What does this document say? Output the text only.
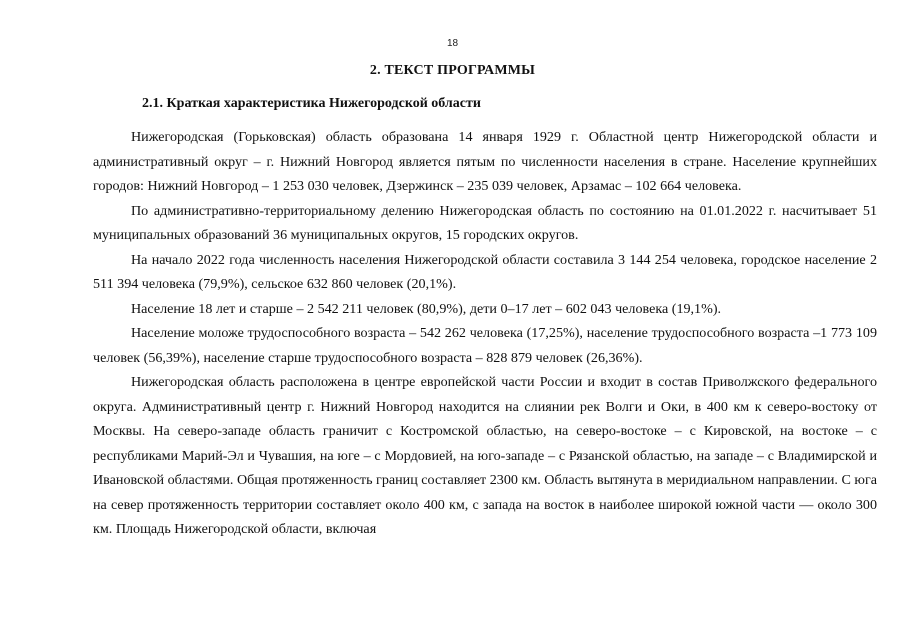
18
2. ТЕКСТ ПРОГРАММЫ
2.1. Краткая характеристика Нижегородской области

Нижегородская (Горьковская) область образована 14 января 1929 г. Областной центр Нижегородской области и административный округ – г. Нижний Новгород является пятым по численности населения в стране. Население крупнейших городов: Нижний Новгород – 1 253 030 человек, Дзержинск – 235 039 человек, Арзамас – 102 664 человека.

По административно-территориальному делению Нижегородская область по состоянию на 01.01.2022 г. насчитывает 51 муниципальных образований 36 муниципальных округов, 15 городских округов.

На начало 2022 года численность населения Нижегородской области составила 3 144 254 человека, городское население 2 511 394 человека (79,9%), сельское 632 860 человек (20,1%).

Население 18 лет и старше – 2 542 211 человек (80,9%), дети 0–17 лет – 602 043 человека (19,1%).

Население моложе трудоспособного возраста – 542 262 человека (17,25%), население трудоспособного возраста –1 773 109 человек (56,39%), население старше трудоспособного возраста – 828 879 человек (26,36%).

Нижегородская область расположена в центре европейской части России и входит в состав Приволжского федерального округа. Административный центр г. Нижний Новгород находится на слиянии рек Волги и Оки, в 400 км к северо-востоку от Москвы. На северо-западе область граничит с Костромской областью, на северо-востоке – с Кировской, на востоке – с республиками Марий-Эл и Чувашия, на юге – с Мордовией, на юго-западе – с Рязанской областью, на западе – с Владимирской и Ивановской областями. Общая протяженность границ составляет 2300 км. Область вытянута в меридиальном направлении. С юга на север протяженность территории составляет около 400 км, с запада на восток в наиболее широкой южной части — около 300 км. Площадь Нижегородской области, включая
